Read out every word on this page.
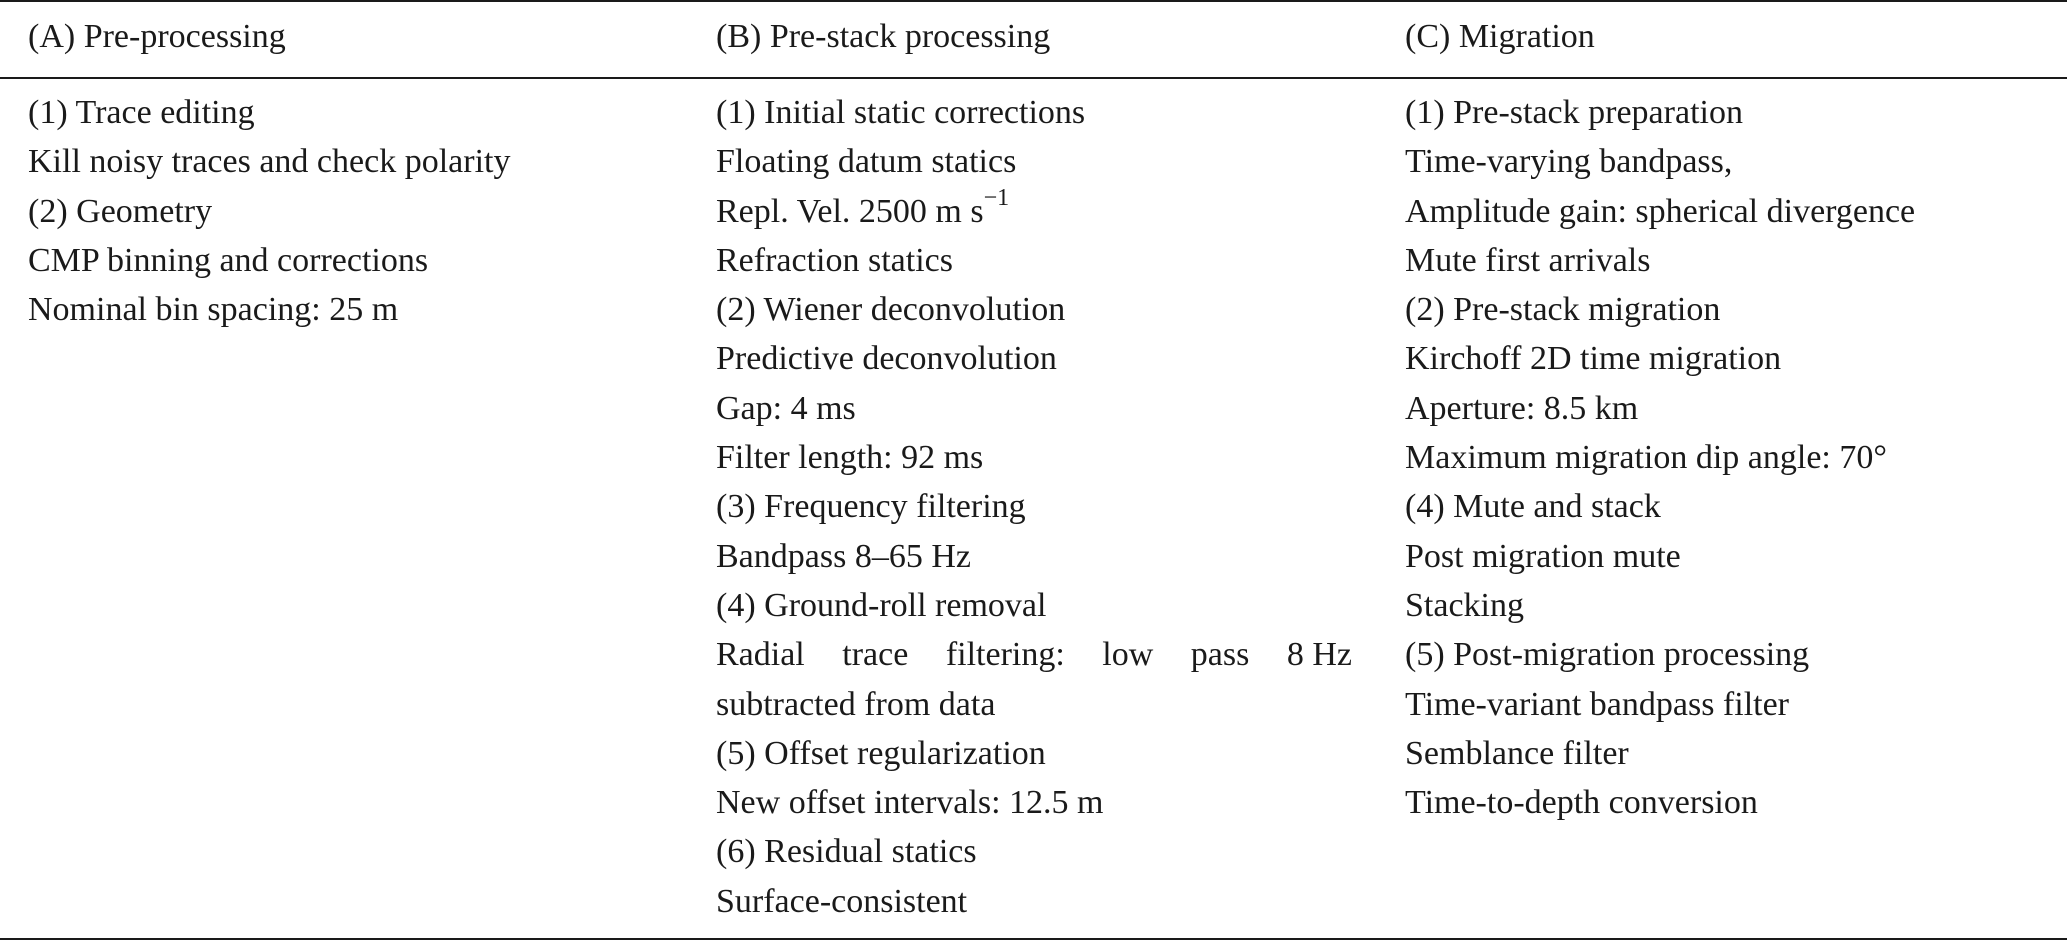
(A) Pre-processing	(B) Pre-stack processing	(C) Migration
(1) Trace editing
Kill noisy traces and check polarity
(2) Geometry
CMP binning and corrections
Nominal bin spacing: 25 m
(1) Initial static corrections
Floating datum statics
Repl. Vel. 2500 m $s^{-1}$
Refraction statics
(2) Wiener deconvolution
Predictive deconvolution
Gap: 4 ms
Filter length: 92 ms
(3) Frequency filtering
Bandpass 8–65 Hz
(4) Ground-roll removal
Radial trace filtering: low pass 8 Hz
subtracted from data
(5) Offset regularization
New offset intervals: 12.5 m
(6) Residual statics
Surface-consistent
(1) Pre-stack preparation
Time-varying bandpass,
Amplitude gain: spherical divergence
Mute first arrivals
(2) Pre-stack migration
Kirchoff 2D time migration
Aperture: 8.5 km
Maximum migration dip angle: 70°
(4) Mute and stack
Post migration mute
Stacking
(5) Post-migration processing
Time-variant bandpass filter
Semblance filter
Time-to-depth conversion
